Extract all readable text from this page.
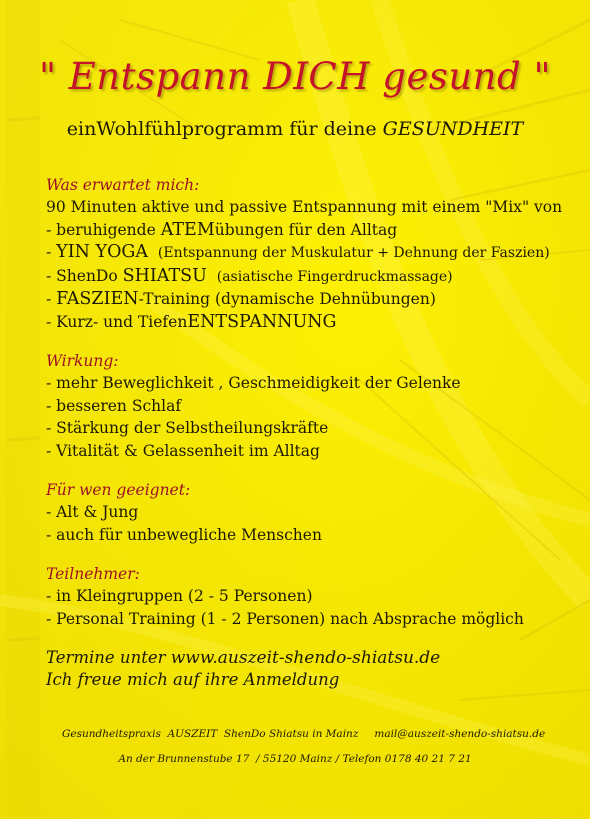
" Entspann DICH gesund "
einWohlfühlprogramm für deine GESUNDHEIT
Was erwartet mich:
90 Minuten aktive und passive Entspannung mit einem "Mix" von
- beruhigende ATEMübungen für den Alltag
- YIN YOGA (Entspannung der Muskulatur + Dehnung der Faszien)
- ShenDo SHIATSU (asiatische Fingerdruckmassage)
- FASZIEN-Training (dynamische Dehnübungen)
- Kurz- und TiefenENTSPANNUNG
Wirkung:
- mehr Beweglichkeit , Geschmeidigkeit der Gelenke
- besseren Schlaf
- Stärkung der Selbstheilungskräfte
- Vitalität & Gelassenheit im Alltag
Für wen geeignet:
- Alt & Jung
- auch für unbewegliche Menschen
Teilnehmer:
- in Kleingruppen (2 - 5 Personen)
- Personal Training (1 - 2 Personen) nach Absprache möglich
Termine unter www.auszeit-shendo-shiatsu.de
Ich freue mich auf ihre Anmeldung
Gesundheitspraxis  AUSZEIT  ShenDo Shiatsu in Mainz mail@auszeit-shendo-shiatsu.de
An der Brunnenstube 17  / 55120 Mainz / Telefon 0178 40 21 7 21
